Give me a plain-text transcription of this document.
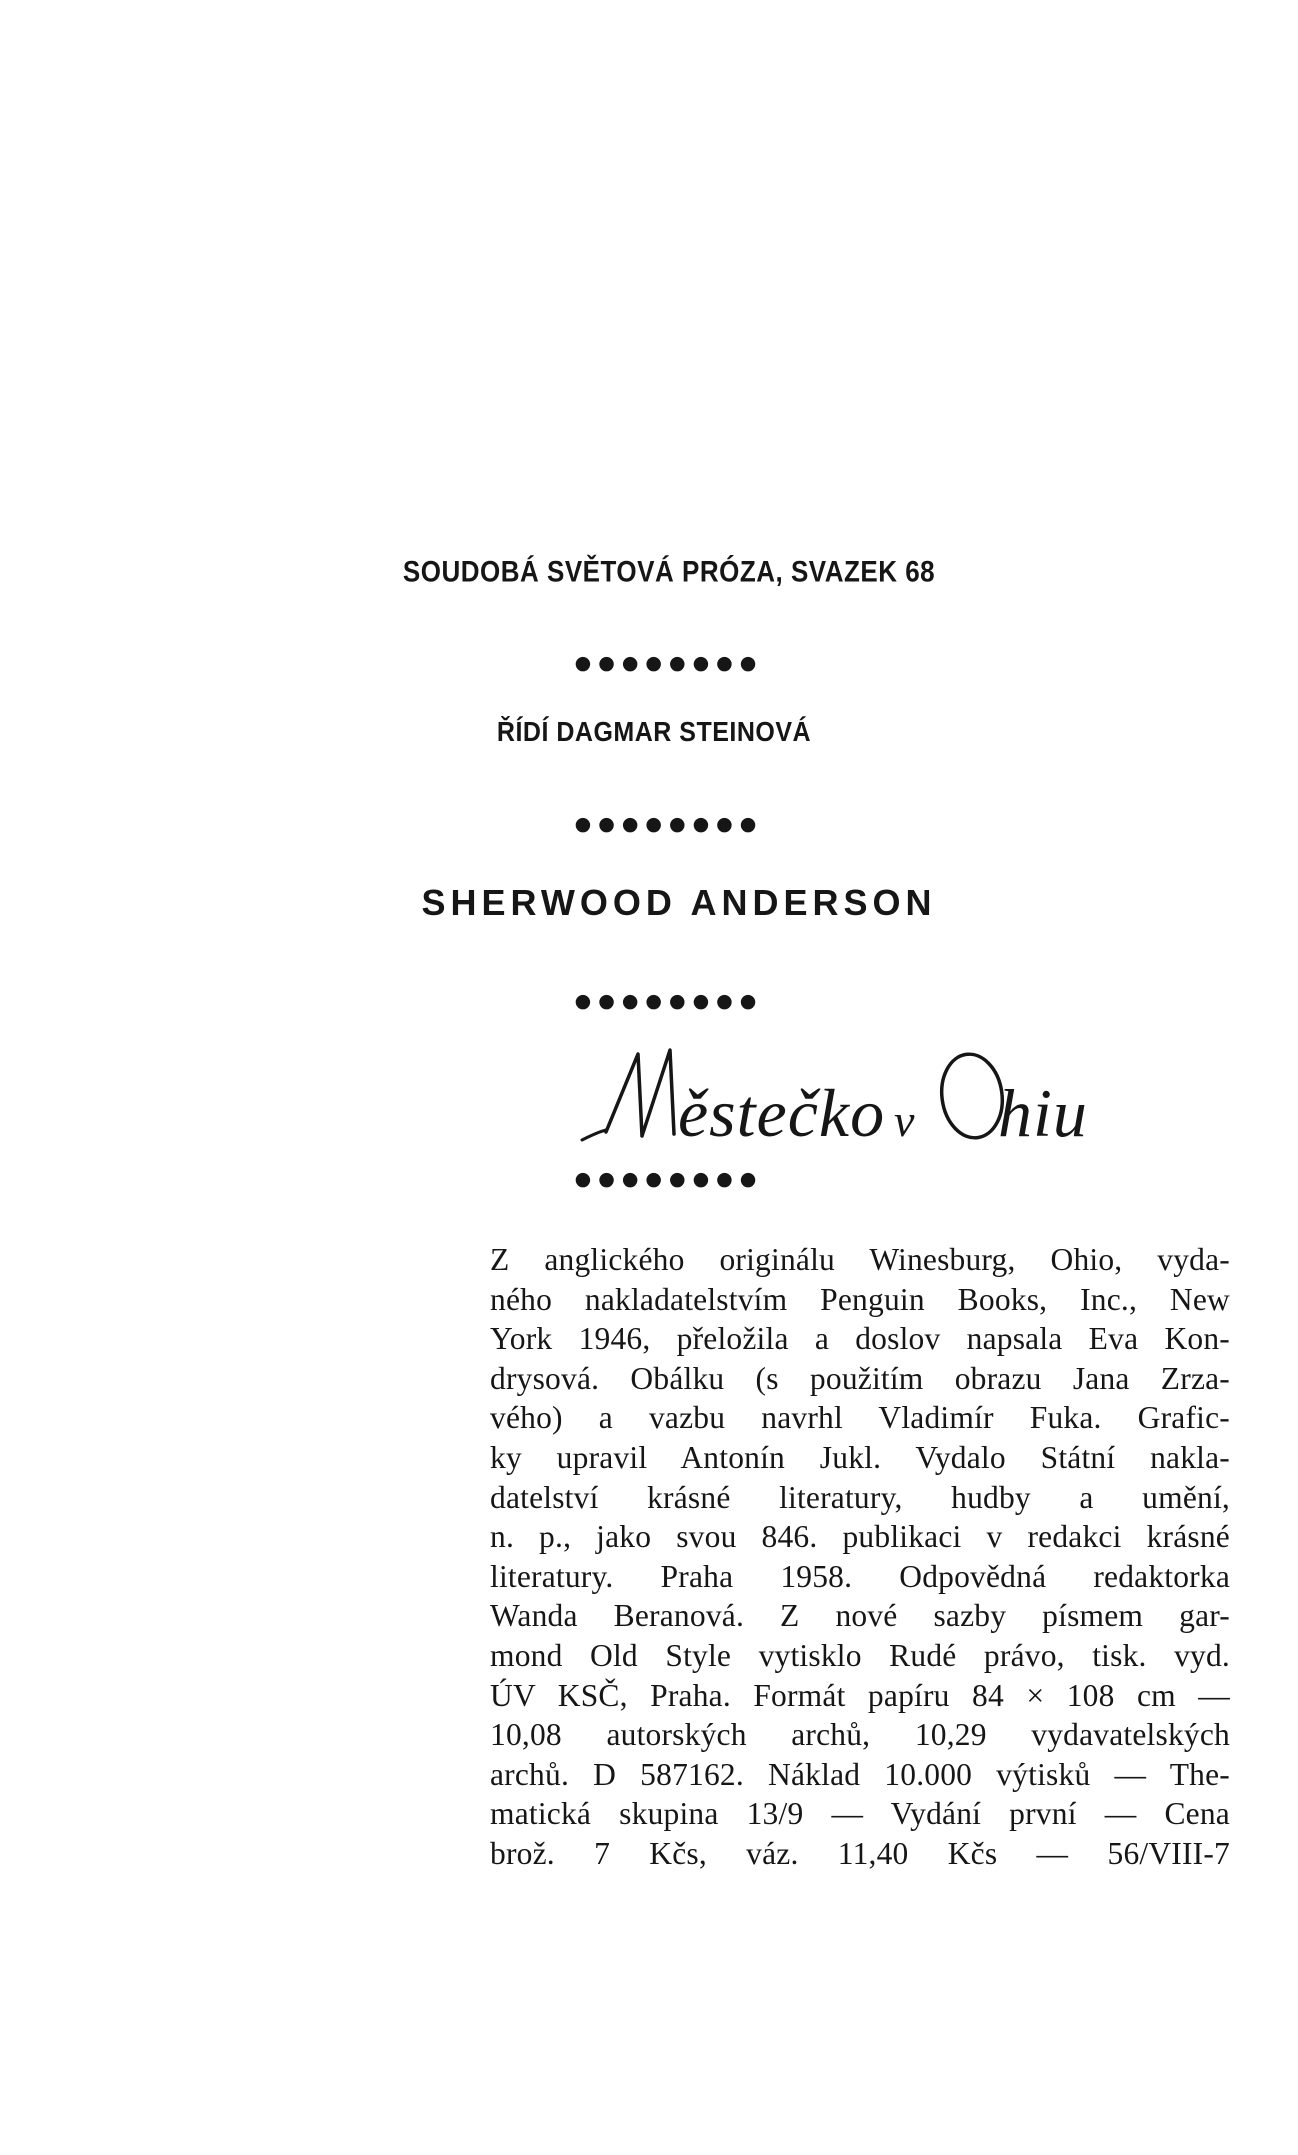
SOUDOBÁ SVĚTOVÁ PRÓZA, SVAZEK 68
●●●●●●●●
ŘÍDÍ DAGMAR STEINOVÁ
●●●●●●●●
SHERWOOD ANDERSON
●●●●●●●●
ěstečko v hiu
●●●●●●●●
Z anglického originálu Winesburg, Ohio, vyda-
ného nakladatelstvím Penguin Books, Inc., New
York 1946, přeložila a doslov napsala Eva Kon-
drysová. Obálku (s použitím obrazu Jana Zrza-
vého) a vazbu navrhl Vladimír Fuka. Grafic-
ky upravil Antonín Jukl. Vydalo Státní nakla-
datelství krásné literatury, hudby a umění,
n. p., jako svou 846. publikaci v redakci krásné
literatury. Praha 1958. Odpovědná redaktorka
Wanda Beranová. Z nové sazby písmem gar-
mond Old Style vytisklo Rudé právo, tisk. vyd.
ÚV KSČ, Praha. Formát papíru 84 × 108 cm —
10,08 autorských archů, 10,29 vydavatelských
archů. D 587162. Náklad 10.000 výtisků — The-
matická skupina 13/9 — Vydání první — Cena
brož. 7 Kčs, váz. 11,40 Kčs — 56/VIII-7
